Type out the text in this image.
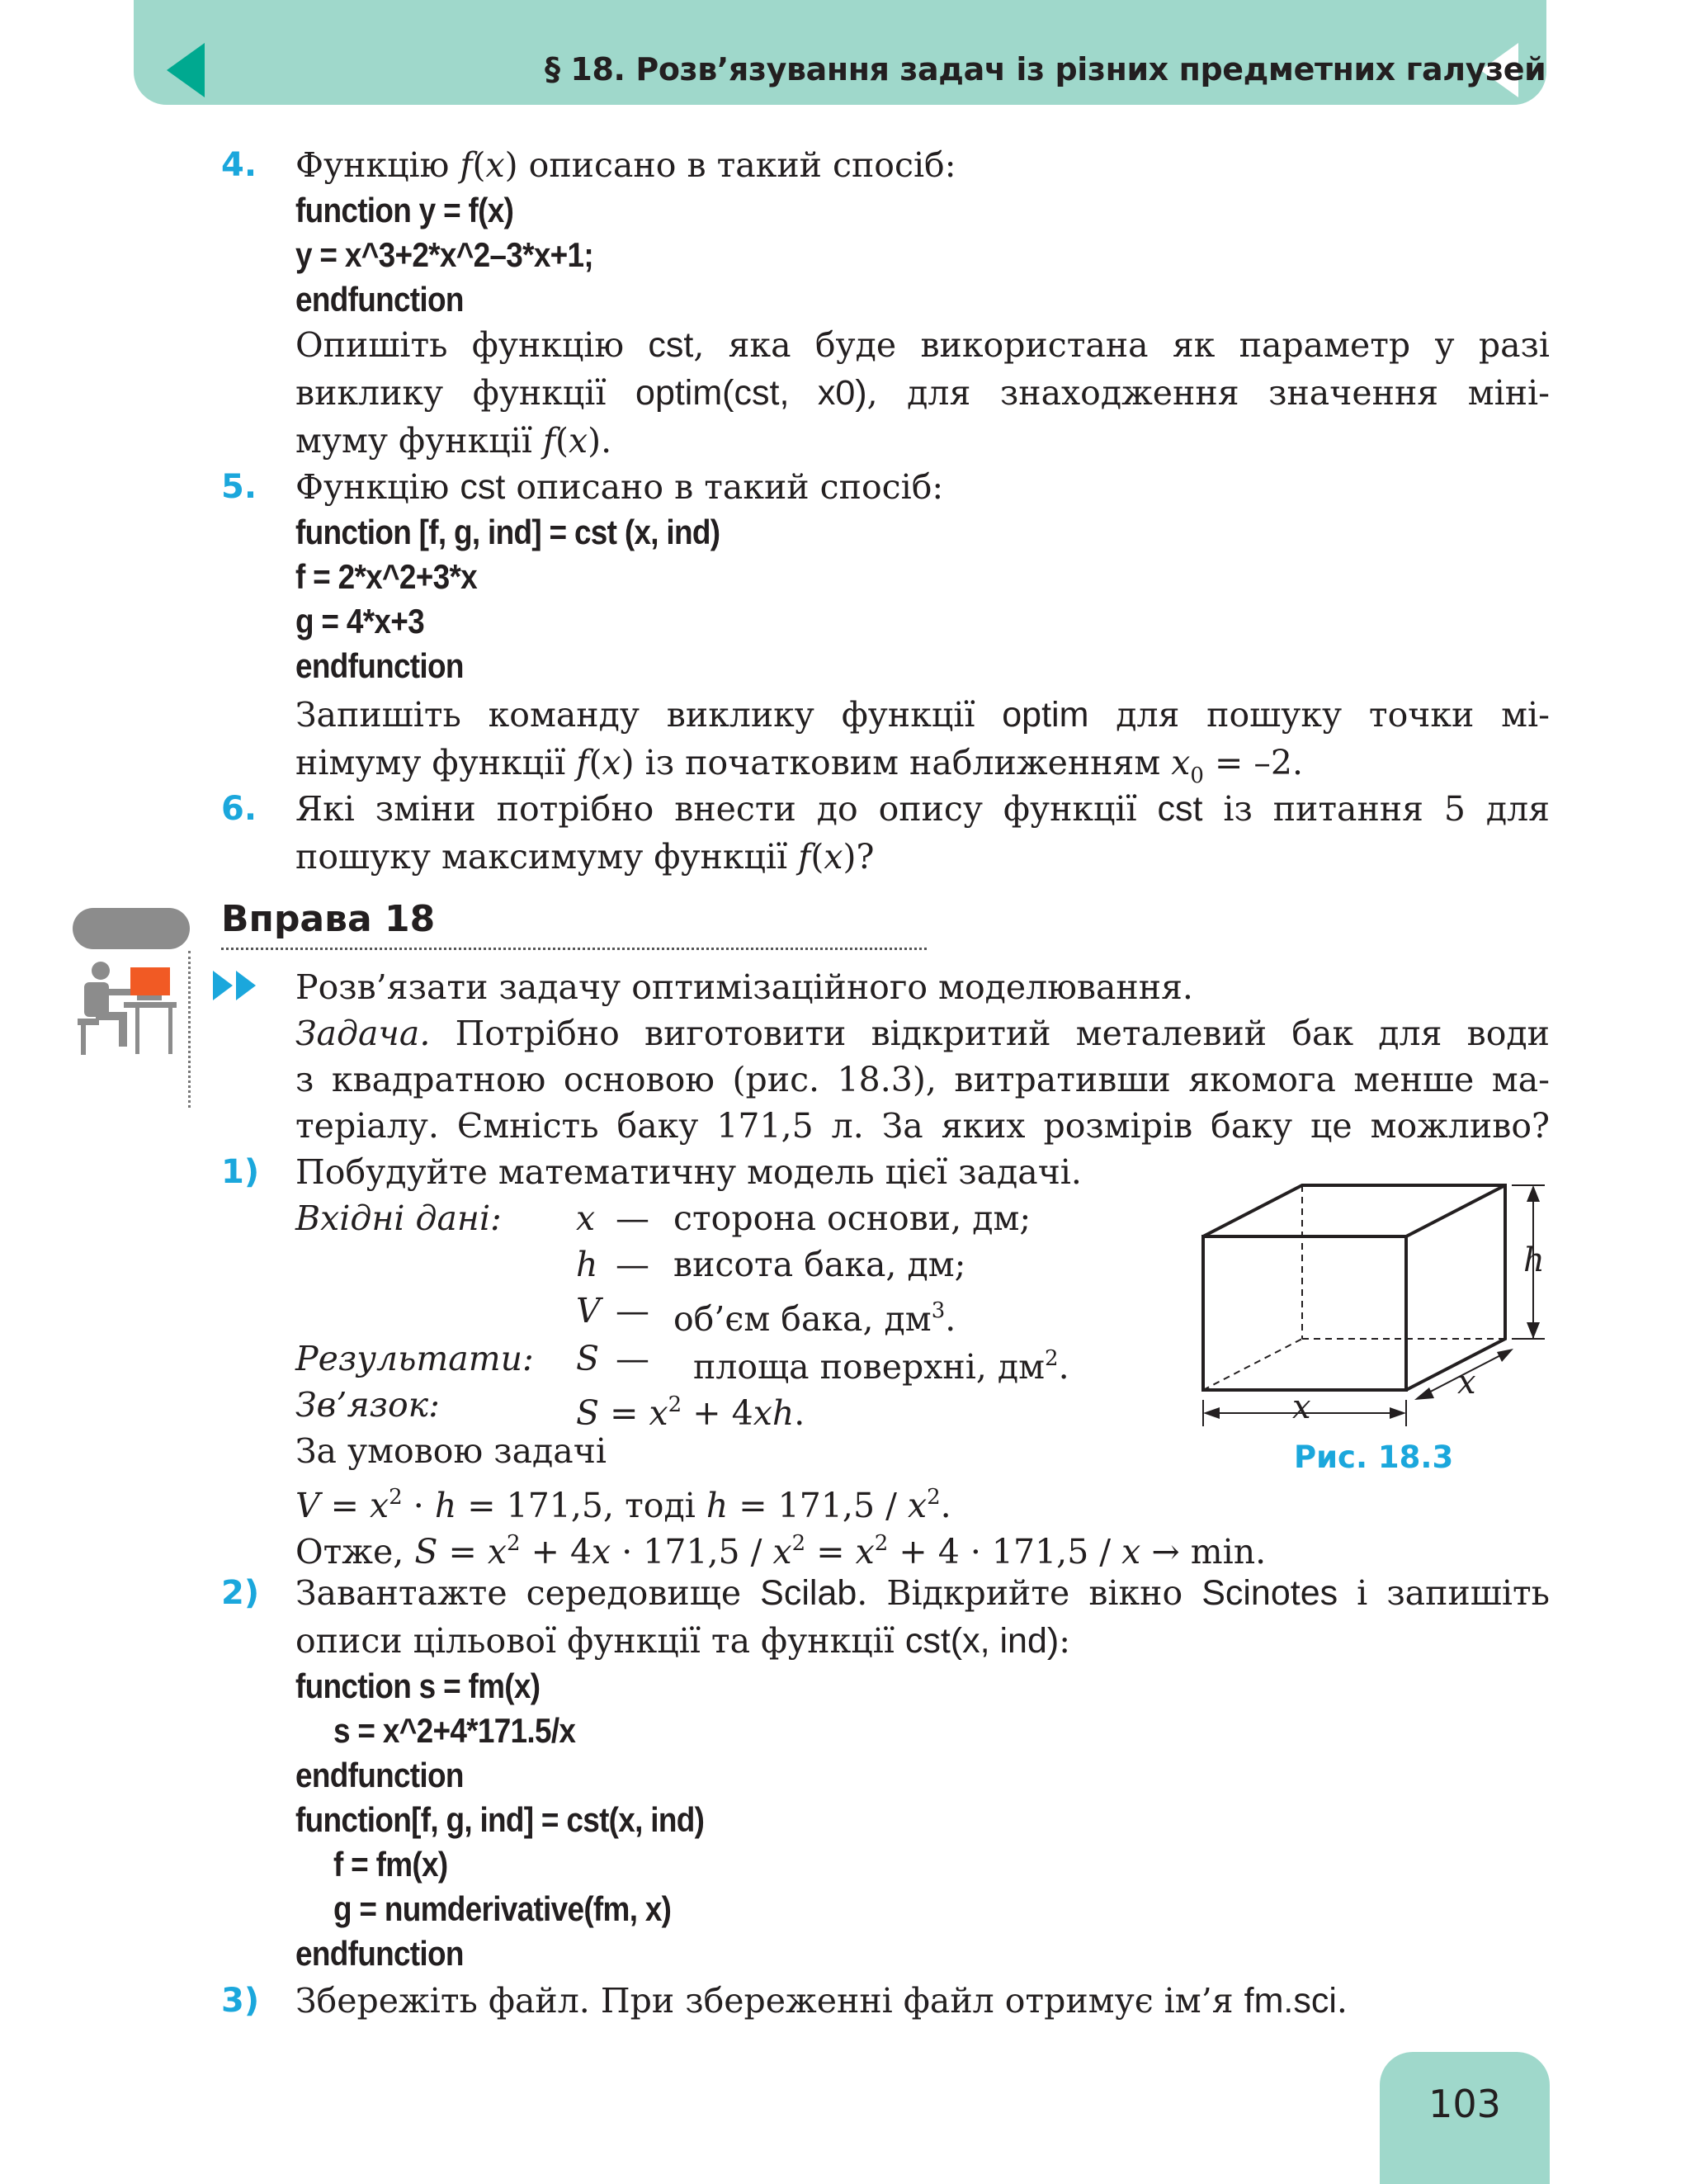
§ 18. Розв’язування задач із різних предметних галузей
4. Функцію f(x) описано в такий спосіб:
function y = f(x)
y = x^3+2*x^2–3*x+1;
endfunction
Опишіть функцію cst, яка буде використана як параметр у разі
виклику функції optim(cst, x0), для знаходження значення міні-
муму функції f(x).
5. Функцію cst описано в такий спосіб:
function [f, g, ind] = cst (x, ind)
f = 2*x^2+3*x
g = 4*x+3
endfunction
Запишіть команду виклику функції optim для пошуку точки мі-
німуму функції f(x) із початковим наближенням $x_0 = -2$.
6. Які зміни потрібно внести до опису функції cst із питання 5 для
пошуку максимуму функції f(x)?
Вправа 18
Розв’язати задачу оптимізаційного моделювання.
Задача. Потрібно виготовити відкритий металевий бак для води
з квадратною основою (рис. 18.3), витративши якомога менше ма-
теріалу. Ємність баку 171,5 л. За яких розмірів баку це можливо?
1) Побудуйте математичну модель цієї задачі.
Вхідні дані: x — сторона основи, дм;
h — висота бака, дм;
V — об’єм бака, $дм^3$.
Результати: S — площа поверхні, $дм^2$.
Зв’язок:	$S = x^2 + 4xh$.
За умовою задачі
$V = x^2 \cdot h = 171,5$, тоді $h = 171,5 / x^2$.
Отже, $S = x^2 + 4x \cdot 171,5 / x^2 = x^2 + 4 \cdot 171,5 / x \to \min$.
h
x
x
Рис. 18.3
2) Завантажте середовище Scilab. Відкрийте вікно Scinotes і запишіть
описи цільової функції та функції cst(x, ind):
function s = fm(x)
s = x^2+4*171.5/x
endfunction
function[f, g, ind] = cst(x, ind)
f = fm(x)
g = numderivative(fm, x)
endfunction
3) Збережіть файл. При збереженні файл отримує ім’я fm.sci.
103
